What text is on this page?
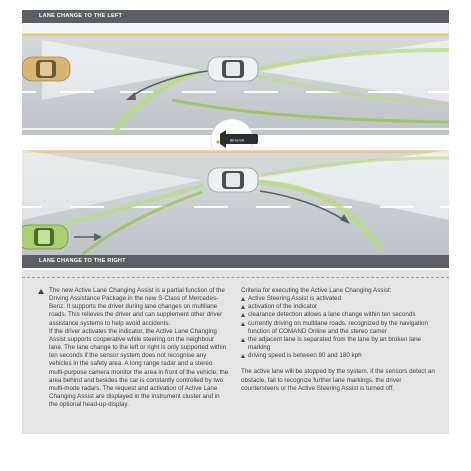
80 km/h
LANE CHANGE TO THE LEFT
LANE CHANGE TO THE RIGHT

The new Active Lane Changing Assist is a partial function of the Driving Assistance Package in the new S-Class of Mercedes-Benz. It supports the driver during lane changes on multilane roads. This relieves the driver and can supplement other driver assistance systems to help avoid accidents.

If the driver activates the indicator, the Active Lane Changing Assist supports cooperative while steering on the neighbour lane. The lane change to the left or right is only supported within ten seconds if the sensor system does not recognise any vehicles in the safety area. A long range radar and a stereo multi-purpose camera monitor the area in front of the vehicle; the area behind and besides the car is constantly controlled by two multi-mode radars. The request and activation of Active Lane Changing Assist are displayed in the instrument cluster and in the optional head-up-display.

Criteria for executing the Active Lane Changing Assist:

Active Steering Assist is activated
activation of the indicator
clearance detection allows a lane change within ten seconds
currently driving on multilane roads, recognized by the navigation function of COMAND Online and the stereo camer
the adjacent lane is separated from the lane by an broken lane marking
driving speed is between 80 and 180 kph

The active lane will be stopped by the system, if the sensors detect an obstacle, fail to recognize further lane markings, the driver countersteers or the Active Steering Assist is turned off.
